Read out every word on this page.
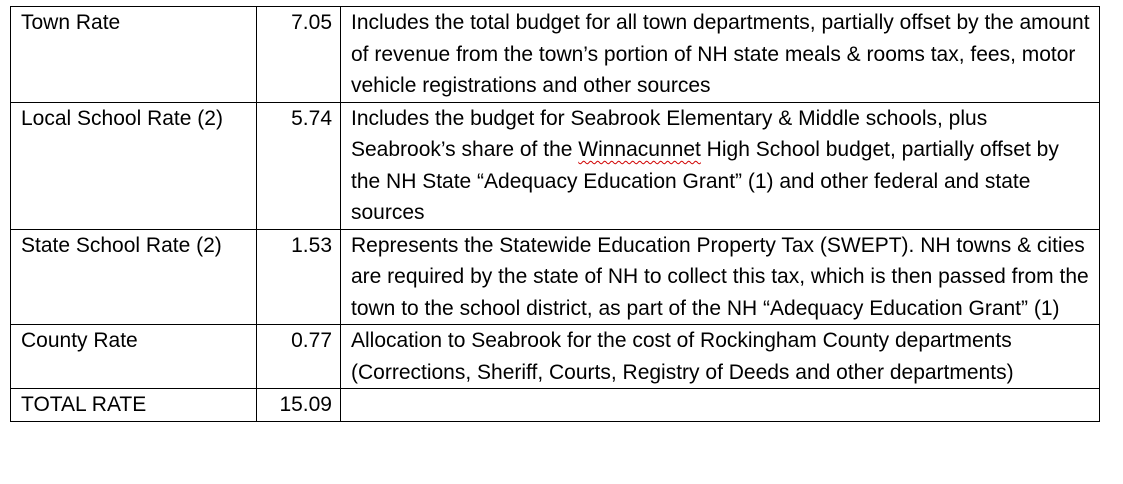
Town Rate	7.05	Includes the total budget for all town departments, partially offset by the amount of revenue from the town’s portion of NH state meals & rooms tax, fees, motor vehicle registrations and other sources
Local School Rate (2)	5.74	Includes the budget for Seabrook Elementary & Middle schools, plus Seabrook’s share of the Winnacunnet High School budget, partially offset by the NH State “Adequacy Education Grant” (1) and other federal and state sources
State School Rate (2)	1.53	Represents the Statewide Education Property Tax (SWEPT). NH towns & cities are required by the state of NH to collect this tax, which is then passed from the town to the school district, as part of the NH “Adequacy Education Grant” (1)
County Rate	0.77	Allocation to Seabrook for the cost of Rockingham County departments (Corrections, Sheriff, Courts, Registry of Deeds and other departments)
TOTAL RATE	15.09	
